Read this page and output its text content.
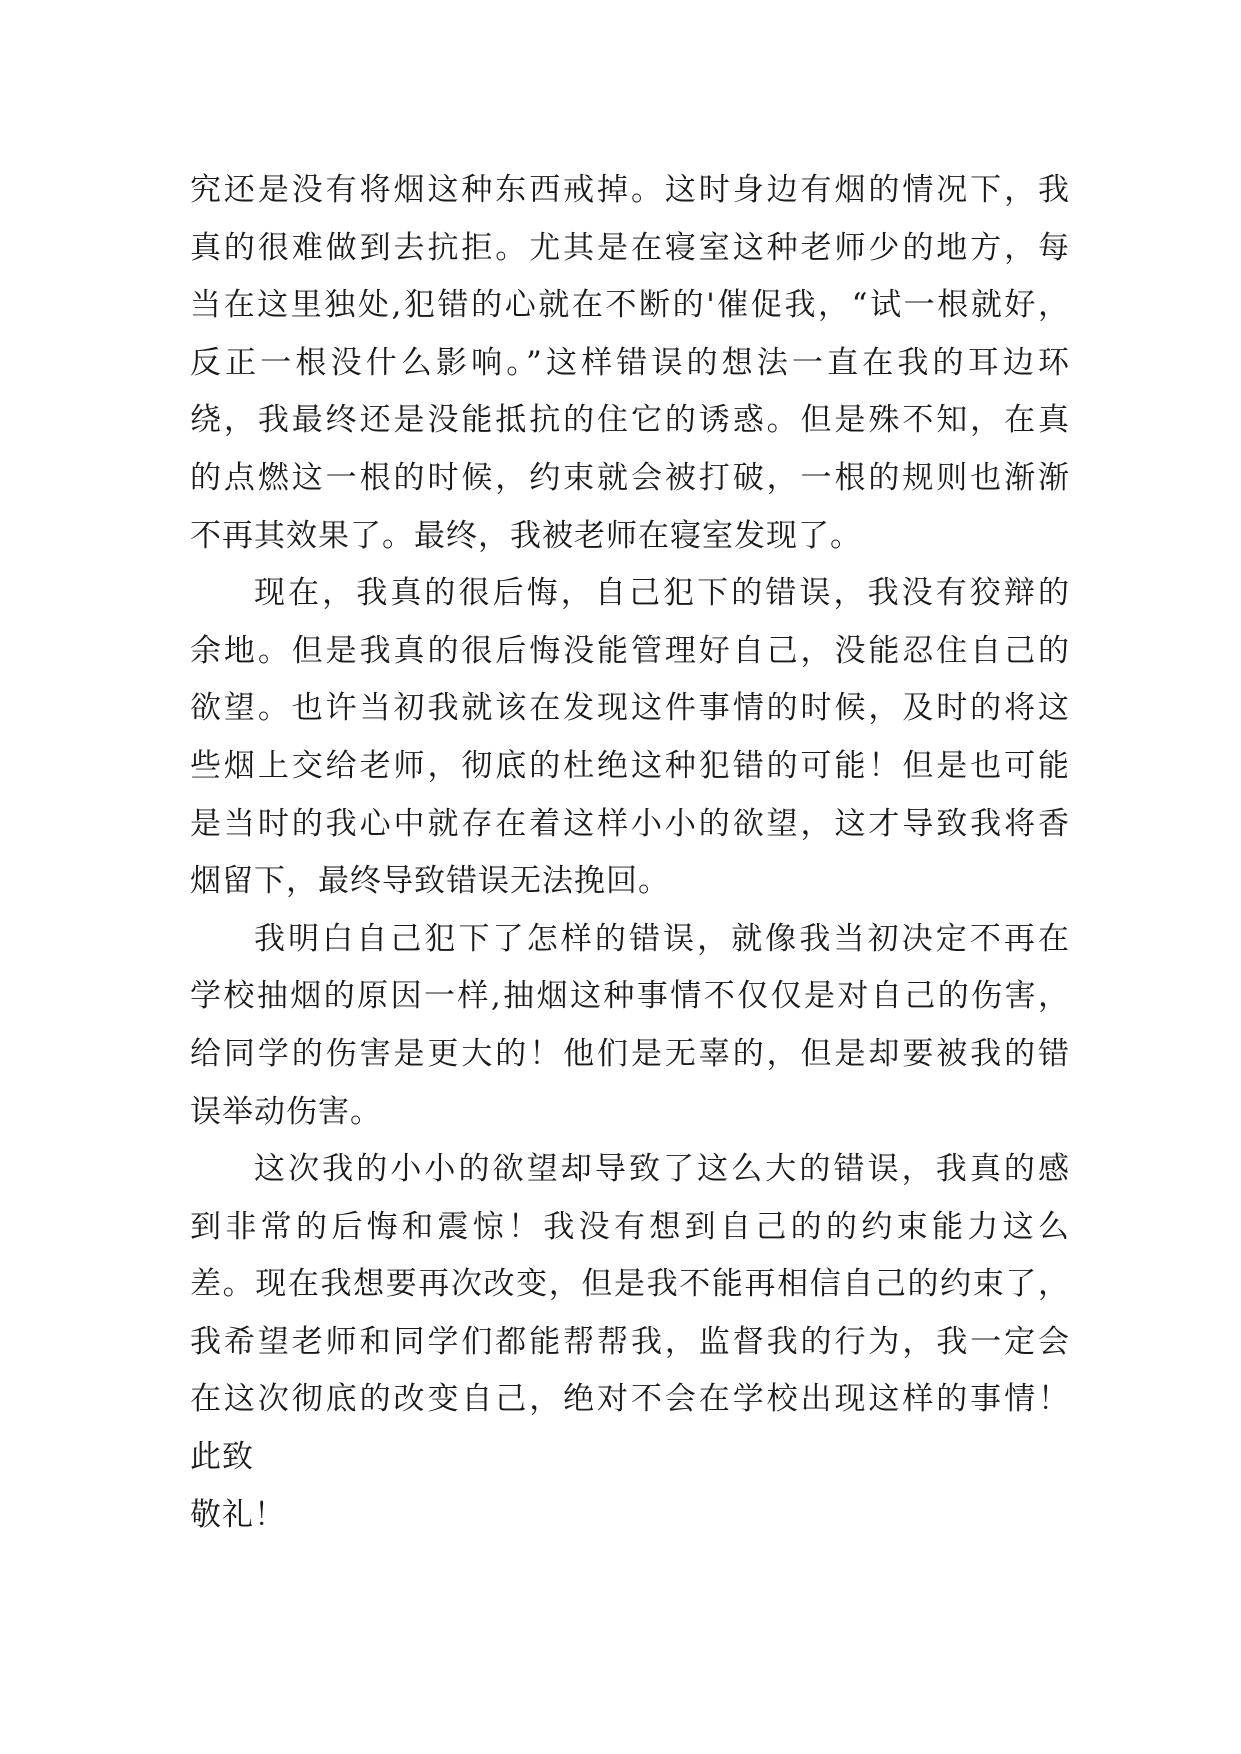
究还是没有将烟这种东西戒掉。这时身边有烟的情况下，我
真的很难做到去抗拒。尤其是在寝室这种老师少的地方，每
当在这里独处,犯错的心就在不断的'催促我，“试一根就好，
反正一根没什么影响。”这样错误的想法一直在我的耳边环
绕，我最终还是没能抵抗的住它的诱惑。但是殊不知，在真
的点燃这一根的时候，约束就会被打破，一根的规则也渐渐
不再其效果了。最终，我被老师在寝室发现了。
现在，我真的很后悔，自己犯下的错误，我没有狡辩的
余地。但是我真的很后悔没能管理好自己，没能忍住自己的
欲望。也许当初我就该在发现这件事情的时候，及时的将这
些烟上交给老师，彻底的杜绝这种犯错的可能！但是也可能
是当时的我心中就存在着这样小小的欲望，这才导致我将香
烟留下，最终导致错误无法挽回。
我明白自己犯下了怎样的错误，就像我当初决定不再在
学校抽烟的原因一样,抽烟这种事情不仅仅是对自己的伤害，
给同学的伤害是更大的！他们是无辜的，但是却要被我的错
误举动伤害。
这次我的小小的欲望却导致了这么大的错误，我真的感
到非常的后悔和震惊！我没有想到自己的的约束能力这么
差。现在我想要再次改变，但是我不能再相信自己的约束了，
我希望老师和同学们都能帮帮我，监督我的行为，我一定会
在这次彻底的改变自己，绝对不会在学校出现这样的事情！
此致
敬礼！
